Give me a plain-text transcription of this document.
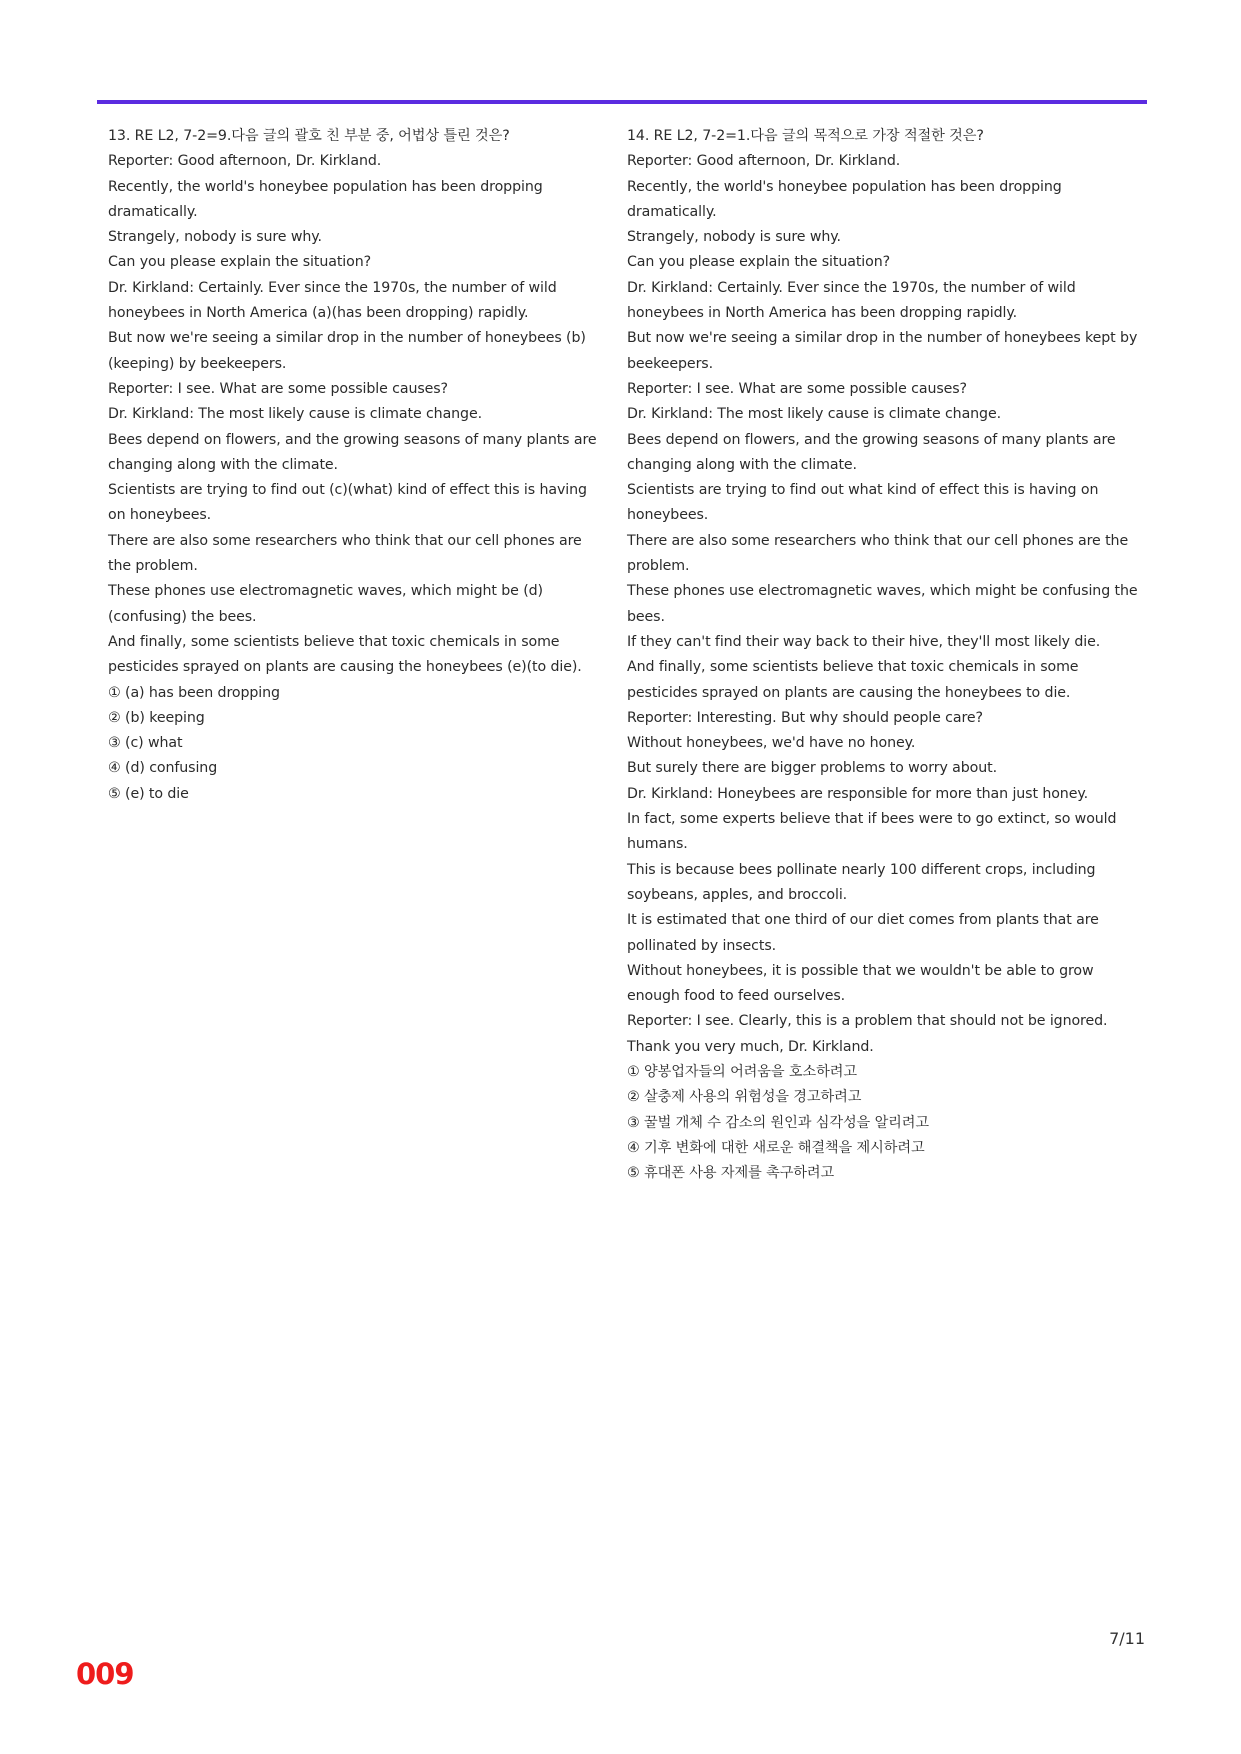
13. RE L2, 7-2=9.다음 글의 괄호 친 부분 중, 어법상 틀린 것은?
Reporter: Good afternoon, Dr. Kirkland.
Recently, the world's honeybee population has been dropping dramatically.
Strangely, nobody is sure why.
Can you please explain the situation?
Dr. Kirkland: Certainly. Ever since the 1970s, the number of wild honeybees in North America (a)(has been dropping) rapidly.
But now we're seeing a similar drop in the number of honeybees (b)(keeping) by beekeepers.
Reporter: I see. What are some possible causes?
Dr. Kirkland: The most likely cause is climate change.
Bees depend on flowers, and the growing seasons of many plants are changing along with the climate.
Scientists are trying to find out (c)(what) kind of effect this is having on honeybees.
There are also some researchers who think that our cell phones are the problem.
These phones use electromagnetic waves, which might be (d)(confusing) the bees.
And finally, some scientists believe that toxic chemicals in some pesticides sprayed on plants are causing the honeybees (e)(to die).
① (a) has been dropping
② (b) keeping
③ (c) what
④ (d) confusing
⑤ (e) to die
14. RE L2, 7-2=1.다음 글의 목적으로 가장 적절한 것은?
Reporter: Good afternoon, Dr. Kirkland.
Recently, the world's honeybee population has been dropping dramatically.
Strangely, nobody is sure why.
Can you please explain the situation?
Dr. Kirkland: Certainly. Ever since the 1970s, the number of wild honeybees in North America has been dropping rapidly.
But now we're seeing a similar drop in the number of honeybees kept by beekeepers.
Reporter: I see. What are some possible causes?
Dr. Kirkland: The most likely cause is climate change.
Bees depend on flowers, and the growing seasons of many plants are changing along with the climate.
Scientists are trying to find out what kind of effect this is having on honeybees.
There are also some researchers who think that our cell phones are the problem.
These phones use electromagnetic waves, which might be confusing the bees.
If they can't find their way back to their hive, they'll most likely die.
And finally, some scientists believe that toxic chemicals in some pesticides sprayed on plants are causing the honeybees to die.
Reporter: Interesting. But why should people care?
Without honeybees, we'd have no honey.
But surely there are bigger problems to worry about.
Dr. Kirkland: Honeybees are responsible for more than just honey.
In fact, some experts believe that if bees were to go extinct, so would humans.
This is because bees pollinate nearly 100 different crops, including soybeans, apples, and broccoli.
It is estimated that one third of our diet comes from plants that are pollinated by insects.
Without honeybees, it is possible that we wouldn't be able to grow enough food to feed ourselves.
Reporter: I see. Clearly, this is a problem that should not be ignored.
Thank you very much, Dr. Kirkland.
① 양봉업자들의 어려움을 호소하려고
② 살충제 사용의 위험성을 경고하려고
③ 꿀벌 개체 수 감소의 원인과 심각성을 알리려고
④ 기후 변화에 대한 새로운 해결책을 제시하려고
⑤ 휴대폰 사용 자제를 촉구하려고
7/11
009
